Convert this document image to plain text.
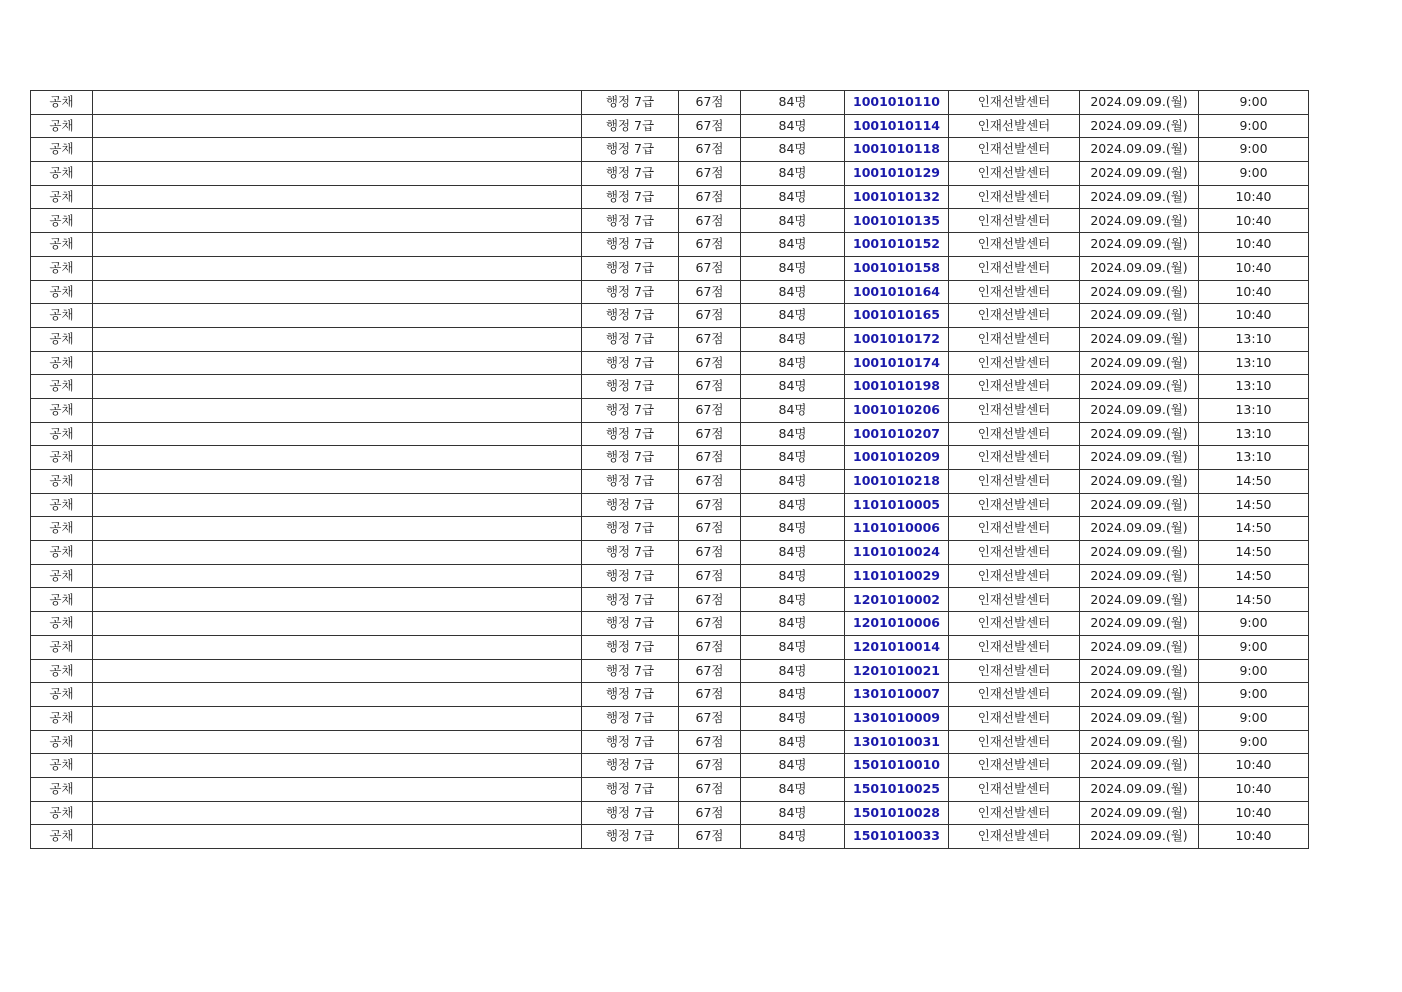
공채		행정 7급	67점	84명	1001010110	인재선발센터	2024.09.09.(월)	9:00
공채		행정 7급	67점	84명	1001010114	인재선발센터	2024.09.09.(월)	9:00
공채		행정 7급	67점	84명	1001010118	인재선발센터	2024.09.09.(월)	9:00
공채		행정 7급	67점	84명	1001010129	인재선발센터	2024.09.09.(월)	9:00
공채		행정 7급	67점	84명	1001010132	인재선발센터	2024.09.09.(월)	10:40
공채		행정 7급	67점	84명	1001010135	인재선발센터	2024.09.09.(월)	10:40
공채		행정 7급	67점	84명	1001010152	인재선발센터	2024.09.09.(월)	10:40
공채		행정 7급	67점	84명	1001010158	인재선발센터	2024.09.09.(월)	10:40
공채		행정 7급	67점	84명	1001010164	인재선발센터	2024.09.09.(월)	10:40
공채		행정 7급	67점	84명	1001010165	인재선발센터	2024.09.09.(월)	10:40
공채		행정 7급	67점	84명	1001010172	인재선발센터	2024.09.09.(월)	13:10
공채		행정 7급	67점	84명	1001010174	인재선발센터	2024.09.09.(월)	13:10
공채		행정 7급	67점	84명	1001010198	인재선발센터	2024.09.09.(월)	13:10
공채		행정 7급	67점	84명	1001010206	인재선발센터	2024.09.09.(월)	13:10
공채		행정 7급	67점	84명	1001010207	인재선발센터	2024.09.09.(월)	13:10
공채		행정 7급	67점	84명	1001010209	인재선발센터	2024.09.09.(월)	13:10
공채		행정 7급	67점	84명	1001010218	인재선발센터	2024.09.09.(월)	14:50
공채		행정 7급	67점	84명	1101010005	인재선발센터	2024.09.09.(월)	14:50
공채		행정 7급	67점	84명	1101010006	인재선발센터	2024.09.09.(월)	14:50
공채		행정 7급	67점	84명	1101010024	인재선발센터	2024.09.09.(월)	14:50
공채		행정 7급	67점	84명	1101010029	인재선발센터	2024.09.09.(월)	14:50
공채		행정 7급	67점	84명	1201010002	인재선발센터	2024.09.09.(월)	14:50
공채		행정 7급	67점	84명	1201010006	인재선발센터	2024.09.09.(월)	9:00
공채		행정 7급	67점	84명	1201010014	인재선발센터	2024.09.09.(월)	9:00
공채		행정 7급	67점	84명	1201010021	인재선발센터	2024.09.09.(월)	9:00
공채		행정 7급	67점	84명	1301010007	인재선발센터	2024.09.09.(월)	9:00
공채		행정 7급	67점	84명	1301010009	인재선발센터	2024.09.09.(월)	9:00
공채		행정 7급	67점	84명	1301010031	인재선발센터	2024.09.09.(월)	9:00
공채		행정 7급	67점	84명	1501010010	인재선발센터	2024.09.09.(월)	10:40
공채		행정 7급	67점	84명	1501010025	인재선발센터	2024.09.09.(월)	10:40
공채		행정 7급	67점	84명	1501010028	인재선발센터	2024.09.09.(월)	10:40
공채		행정 7급	67점	84명	1501010033	인재선발센터	2024.09.09.(월)	10:40
